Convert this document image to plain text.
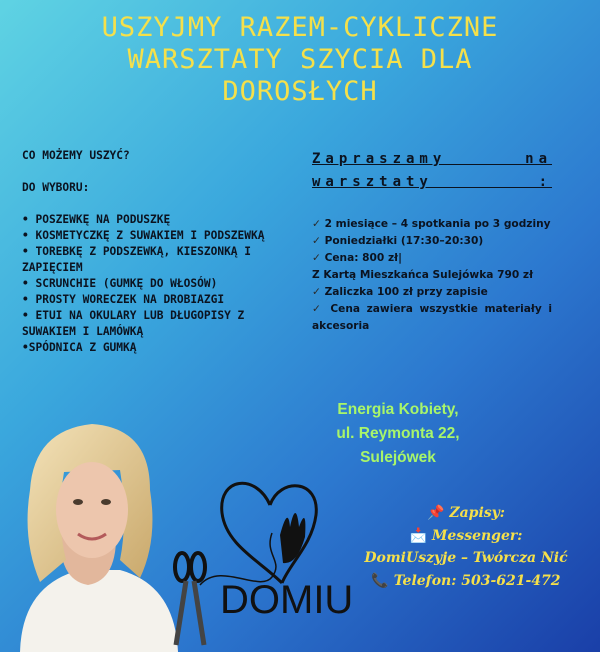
USZYJMY RAZEM-CYKLICZNE
WARSZTATY SZYCIA DLA
DOROSŁYCH

CO MOŻEMY USZYĆ?

DO WYBORU:

• POSZEWKĘ NA PODUSZKĘ

• KOSMETYCZKĘ Z SUWAKIEM I PODSZEWKĄ

• TOREBKĘ Z PODSZEWKĄ, KIESZONKĄ I ZAPIĘCIEM

• SCRUNCHIE (GUMKĘ DO WŁOSÓW)

• PROSTY WORECZEK NA DROBIAZGI

• ETUI NA OKULARY LUB DŁUGOPISY Z SUWAKIEM I LAMÓWKĄ

•SPÓDNICA Z GUMKĄ

Zapraszamy na
warsztaty :

✓ 2 miesiące – 4 spotkania po 3 godziny

✓ Poniedziałki (17:30–20:30)

✓ Cena: 800 zł|

Z Kartą Mieszkańca Sulejówka 790 zł

✓ Zaliczka 100 zł przy zapisie

✓ Cena zawiera wszystkie materiały i akcesoria

Energia Kobiety,
ul. Reymonta 22,
Sulejówek
DOMIU
📌 Zapisy:
📩 Messenger:
DomiUszyje – Twórcza Nić
📞 Telefon: 503-621-472
